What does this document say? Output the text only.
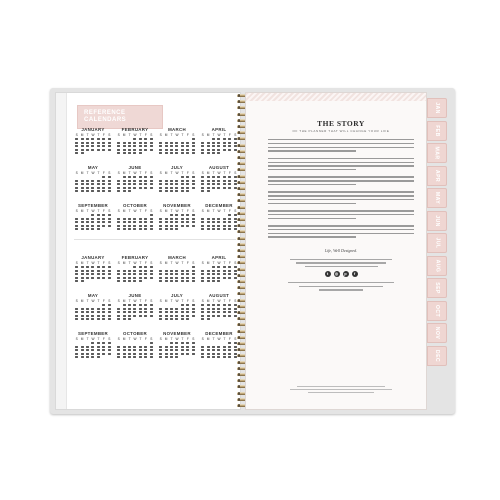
REFERENCE
CALENDARS
JANUARY
S M T W T	F	S
FEBRUARY
S M T W T	F	S
MARCH
S M T W T	F	S
APRIL
S M T W T	F	S
MAY
S M T W T	F	S
JUNE
S M T W T	F	S
JULY
S M T W T	F	S
AUGUST
S M T W T	F	S
SEPTEMBER
S M T W T	F	S
OCTOBER
S M T W T	F	S
NOVEMBER
S M T W T	F	S
DECEMBER
S M T W T	F	S
JANUARY
S M T W T	F	S
FEBRUARY
S M T W T	F	S
MARCH
S M T W T	F	S
APRIL
S M T W T	F	S
MAY
S M T W T	F	S
JUNE
S M T W T	F	S
JULY
S M T W T	F	S
AUGUST
S M T W T	F	S
SEPTEMBER
S M T W T	F	S
OCTOBER
S M T W T	F	S
NOVEMBER
S M T W T	F	S
DECEMBER
S M T W T	F	S
THE STORY
OF THE PLANNER THAT WILL CHANGE YOUR LIFE
Life, Well Designed.
t	◎	p	f
JAN
FEB
MAR
APR
MAY
JUN
JUL
AUG
SEP
OCT
NOV
DEC
